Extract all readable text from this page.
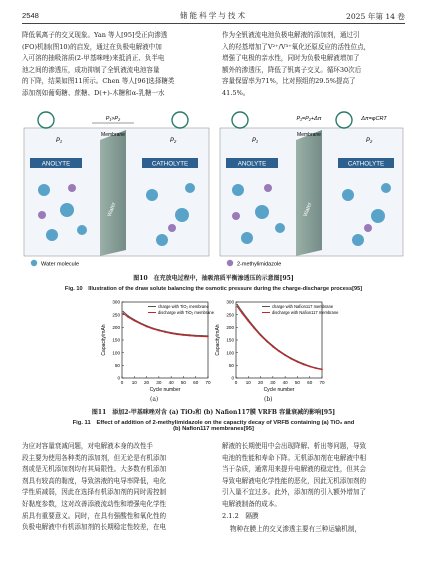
2548	储能科学与技术	2025 年第 14 卷
降低氧离子的交叉现象。Yan 等人[95]受正向渗透
(FO)机制(图10)的启发，通过在负极电解液中加
入可溶的抽吸溶质(2-甲基咪唑)来抵消正、负半电
池之间的渗透压，成功抑制了全钒液流电池容量
的下降，结果如图11所示。Chen 等人[96]选择糖类
添加剂如葡萄糖、蔗糖、D(+)-木糖和α-乳糖一水
作为全钒液流电池负极电解液的添加剂，通过引
入的羟基增加了V²⁺/V³⁺氧化还原反应的活性位点，
增强了电极的亲水性，同时为负极电解液增加了
额外的渗透压，降低了钒离子交叉。循环30次后
容量保留率为71%，比对照组的29.5%提高了
41.5%。
ANOLYTE	CATHOLYTE
Membrane
Water
P₁	P₂
P₁>P₂
ANOLYTE	CATHOLYTE
Membrane
Water
P₁	P₂
P₁=P₂+Δπ	Δπ=φCRT
Water molecule	2-methylimidazole
图10　在充放电过程中，抽吸溶质平衡渗透压的示意图[95]
Fig. 10　Illustration of the draw solute balancing the osmotic pressure during the charge-discharge process[95]
0 10 20 30 40 50 60 70
0
50
100
150
200
250
300
Cycle number
Capacity/mAh
charge with TiO₂ membrane
discharge with TiO₂ membrane
0 10 20 30 40 50 60 70
0
50
100
150
200
250
300
Cycle number
Capacity/mAh
charge with Nafion117 membrane
discharge with Nafion117 membrane
(a)	(b)
图11　添加2-甲基咪唑对含 (a) TiO₂和 (b) Nafion117膜 VRFB 容量衰减的影响[95]
Fig. 11　Effect of addition of 2-methylimidazole on the capacity decay of VRFB containing (a) TiO₂ and
(b) Nafion117 membranes[95]
为应对容量衰减问题，对电解液本身的改性手
段主要为使用各种类的添加剂，但无论是有机添加
剂或是无机添加剂均有其局限性。大多数有机添加
剂具有较高的黏度，导致溶液的电导率降低，电化
学性质减弱，因此在选择有机添加剂的同时需控制
好黏度参数，这对改善添液流动性和增强电化学性
质具有重要意义。同时，在具有强酸性和氧化性的
负极电解液中有机添加剂的长期稳定性较差，在电
解液的长期使用中会出现降解、析出等问题，导致
电池的性能和寿命下降。无机添加剂在电解液中相
当于杂质，通常用来提升电解液的稳定性，但其会
导致电解液电化学性能的恶化，因此无机添加剂的
引入量不宜过多。此外，添加剂的引入额外增加了
电解液制备的成本。
2.1.2　 隔膜
物种在膜上的交叉渗透主要有三种运输机制，
